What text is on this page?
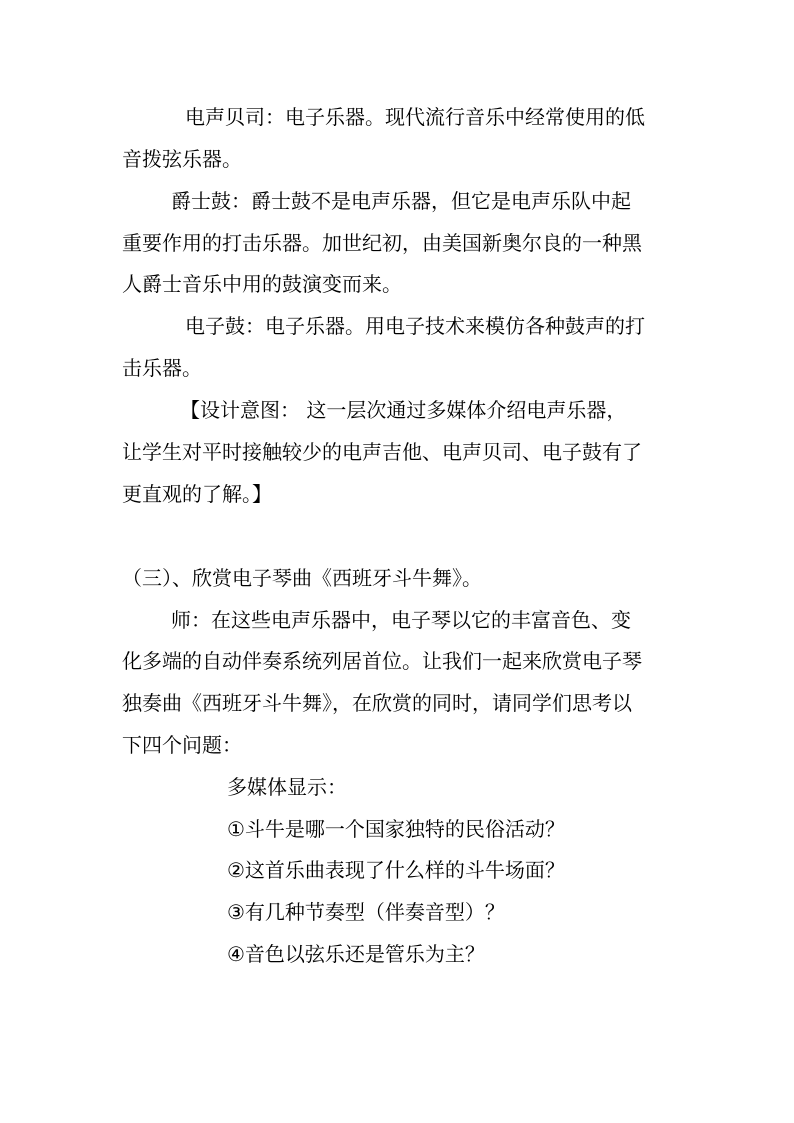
电声贝司：电子乐器。现代流行音乐中经常使用的低

音拨弦乐器。

爵士鼓：爵士鼓不是电声乐器，但它是电声乐队中起

重要作用的打击乐器。加世纪初，由美国新奥尔良的一种黑

人爵士音乐中用的鼓演变而来。

电子鼓：电子乐器。用电子技术来模仿各种鼓声的打

击乐器。

【设计意图： 这一层次通过多媒体介绍电声乐器，

让学生对平时接触较少的电声吉他、电声贝司、电子鼓有了

更直观的了解。】

（三）、欣赏电子琴曲《西班牙斗牛舞》。

师：在这些电声乐器中，电子琴以它的丰富音色、变

化多端的自动伴奏系统列居首位。让我们一起来欣赏电子琴

独奏曲《西班牙斗牛舞》，在欣赏的同时，请同学们思考以

下四个问题：

多媒体显示：

①斗牛是哪一个国家独特的民俗活动？

②这首乐曲表现了什么样的斗牛场面？

③有几种节奏型（伴奏音型）？

④音色以弦乐还是管乐为主？
